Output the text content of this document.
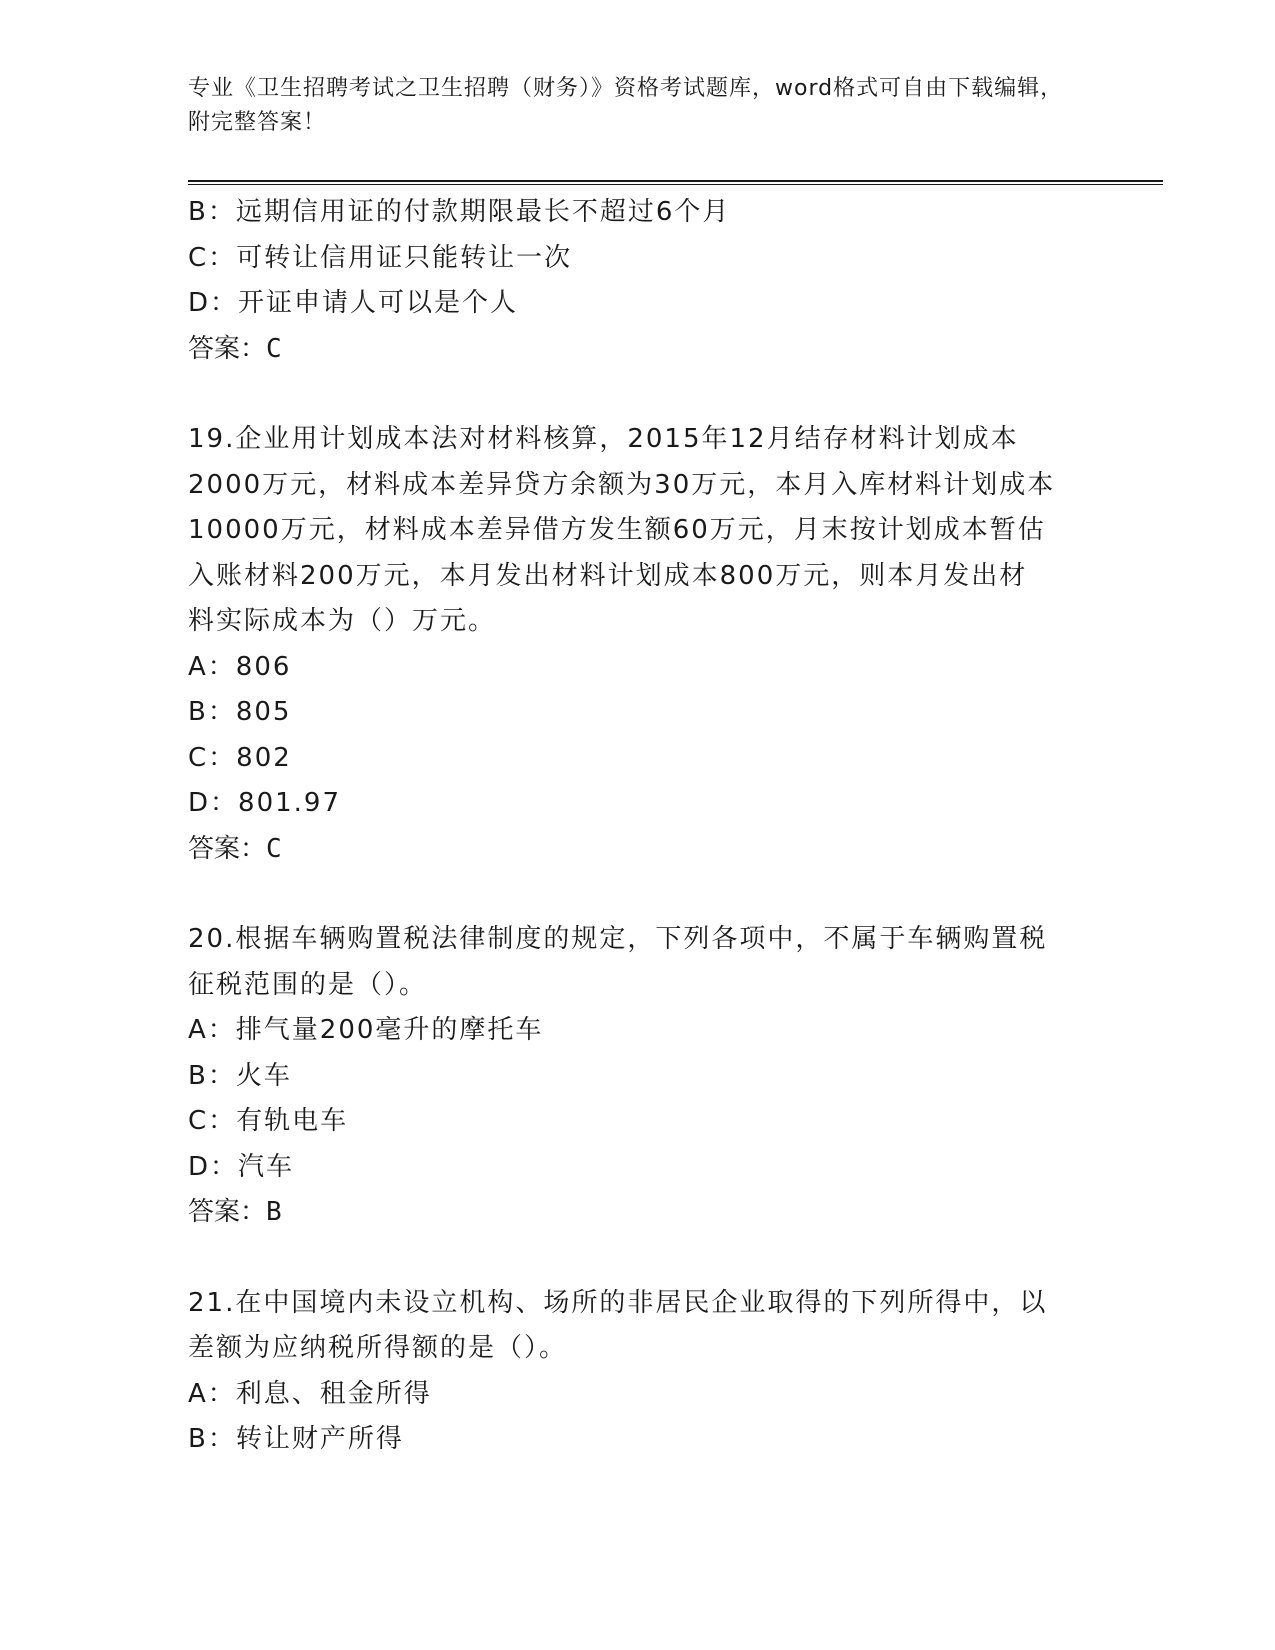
专业《卫生招聘考试之卫生招聘（财务）》资格考试题库，word格式可自由下载编辑，附完整答案！
B：远期信用证的付款期限最长不超过6个月
C：可转让信用证只能转让一次
D：开证申请人可以是个人
答案：C
19.企业用计划成本法对材料核算，2015年12月结存材料计划成本
2000万元，材料成本差异贷方余额为30万元，本月入库材料计划成本
10000万元，材料成本差异借方发生额60万元，月末按计划成本暂估
入账材料200万元，本月发出材料计划成本800万元，则本月发出材
料实际成本为（）万元。
A：806
B：805
C：802
D：801.97
答案：C
20.根据车辆购置税法律制度的规定，下列各项中，不属于车辆购置税
征税范围的是（）。
A：排气量200毫升的摩托车
B：火车
C：有轨电车
D：汽车
答案：B
21.在中国境内未设立机构、场所的非居民企业取得的下列所得中，以
差额为应纳税所得额的是（）。
A：利息、租金所得
B：转让财产所得
